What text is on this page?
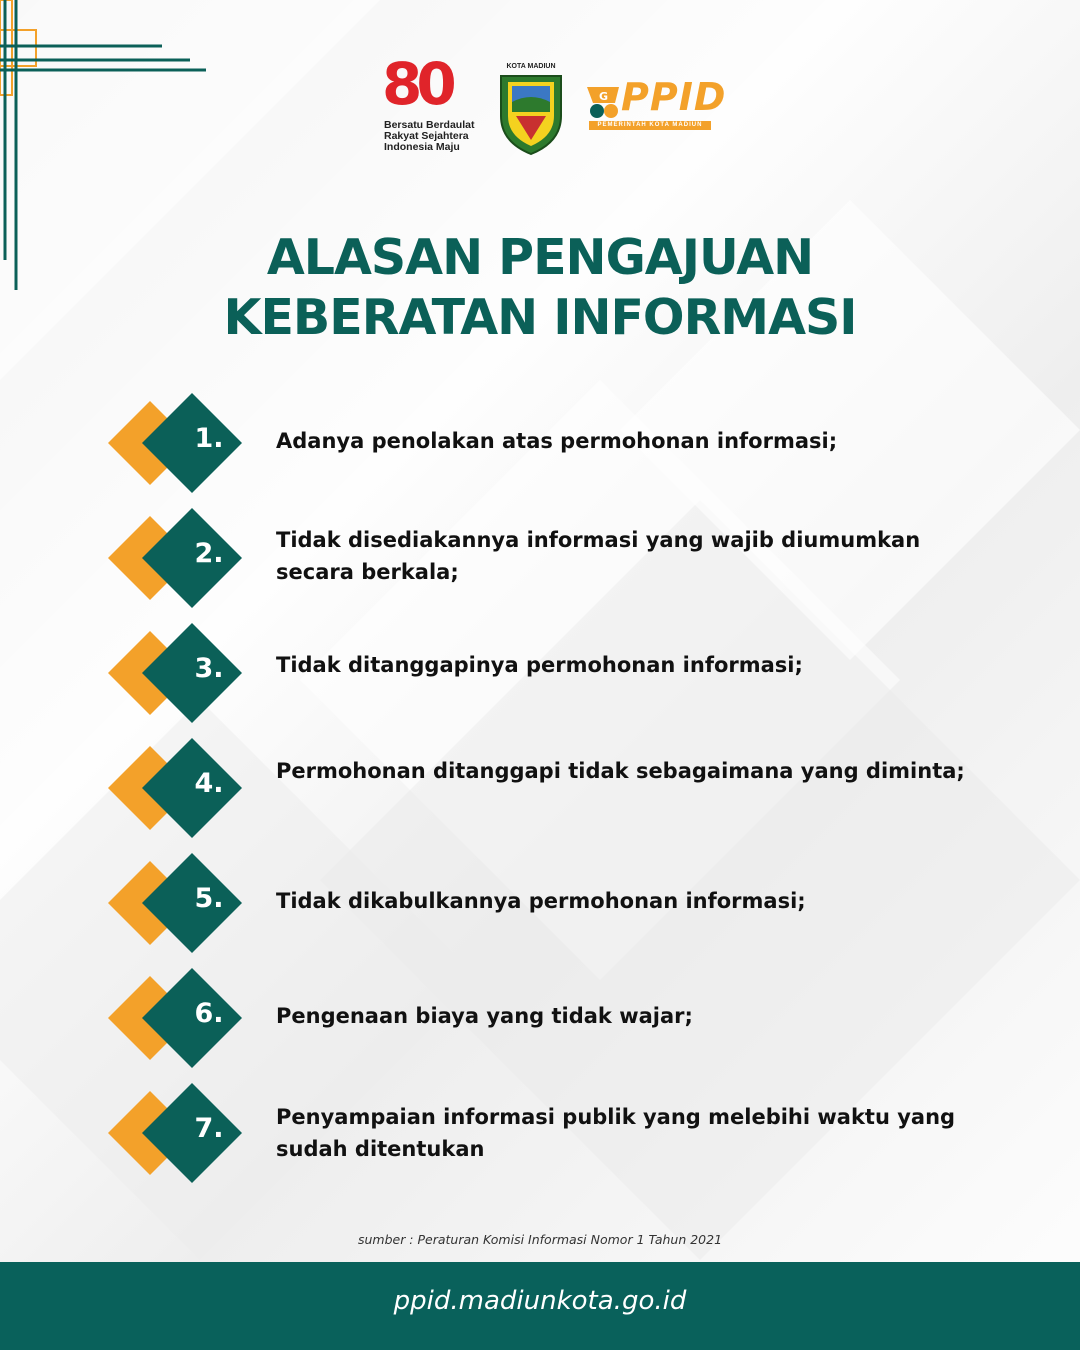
80
Bersatu Berdaulat
Rakyat Sejahtera
Indonesia Maju
KOTA MADIUN
G PPID
PEMERINTAH KOTA MADIUN
ALASAN PENGAJUAN
KEBERATAN INFORMASI
1.	Adanya penolakan atas permohonan informasi;
2.	Tidak disediakannya informasi yang wajib diumumkan secara berkala;
3.	Tidak ditanggapinya permohonan informasi;
4.	Permohonan ditanggapi tidak sebagaimana yang diminta;
5.	Tidak dikabulkannya permohonan informasi;
6.	Pengenaan biaya yang tidak wajar;
7.	Penyampaian informasi publik yang melebihi waktu yang sudah ditentukan
sumber : Peraturan Komisi Informasi Nomor 1 Tahun 2021
ppid.madiunkota.go.id
